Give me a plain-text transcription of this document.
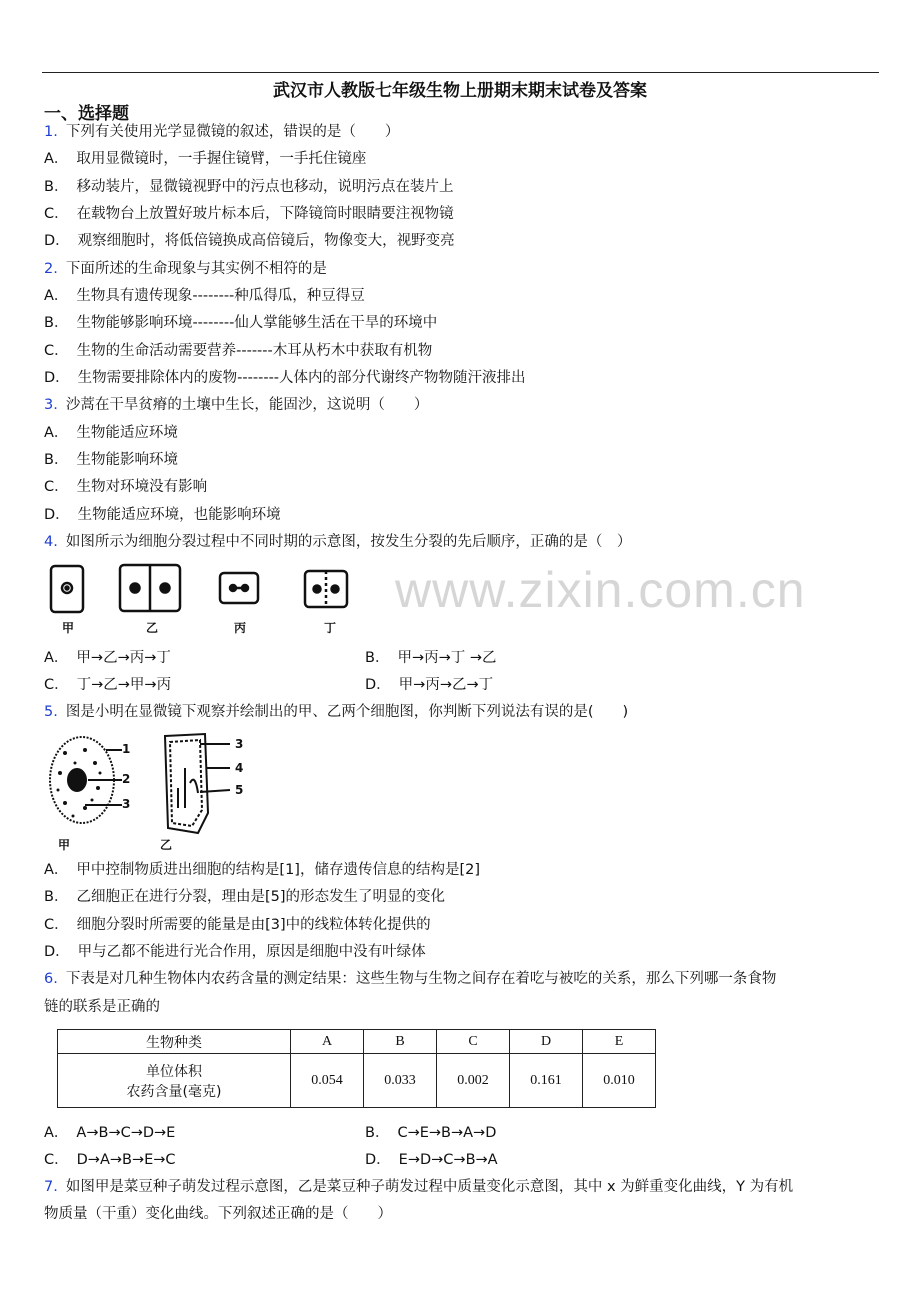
武汉市人教版七年级生物上册期末期末试卷及答案
一、选择题
www.zixin.com.cn
1. 下列有关使用光学显微镜的叙述，错误的是（　　）
A． 取用显微镜时，一手握住镜臂，一手托住镜座
B． 移动装片，显微镜视野中的污点也移动，说明污点在装片上
C． 在载物台上放置好玻片标本后，下降镜筒时眼睛要注视物镜
D． 观察细胞时，将低倍镜换成高倍镜后，物像变大，视野变亮
2. 下面所述的生命现象与其实例不相符的是
A． 生物具有遗传现象--------种瓜得瓜，种豆得豆
B． 生物能够影响环境--------仙人掌能够生活在干旱的环境中
C． 生物的生命活动需要营养-------木耳从朽木中获取有机物
D． 生物需要排除体内的废物--------人体内的部分代谢终产物物随汗液排出
3. 沙蒿在干旱贫瘠的土壤中生长，能固沙，这说明（　　）
A． 生物能适应环境
B． 生物能影响环境
C． 生物对环境没有影响
D． 生物能适应环境，也能影响环境
4. 如图所示为细胞分裂过程中不同时期的示意图，按发生分裂的先后顺序，正确的是（　）
甲	乙	丙	丁
A． 甲→乙→丙→丁	B． 甲→丙→丁 →乙
C． 丁→乙→甲→丙	D． 甲→丙→乙→丁
5. 图是小明在显微镜下观察并绘制出的甲、乙两个细胞图，你判断下列说法有误的是(　　)
1
2
3
3
4
5
甲	乙
A． 甲中控制物质进出细胞的结构是[1]，储存遗传信息的结构是[2]
B． 乙细胞正在进行分裂，理由是[5]的形态发生了明显的变化
C． 细胞分裂时所需要的能量是由[3]中的线粒体转化提供的
D． 甲与乙都不能进行光合作用，原因是细胞中没有叶绿体
6. 下表是对几种生物体内农药含量的测定结果：这些生物与生物之间存在着吃与被吃的关系，那么下列哪一条食物
链的联系是正确的
生物种类	A	B	C	D	E

单位体积
农药含量(毫克)	0.054	0.033	0.002	0.161	0.010
A． A→B→C→D→E	B． C→E→B→A→D
C． D→A→B→E→C	D． E→D→C→B→A
7. 如图甲是菜豆种子萌发过程示意图，乙是菜豆种子萌发过程中质量变化示意图，其中 x 为鲜重变化曲线，Y 为有机
物质量（干重）变化曲线。下列叙述正确的是（　　）
